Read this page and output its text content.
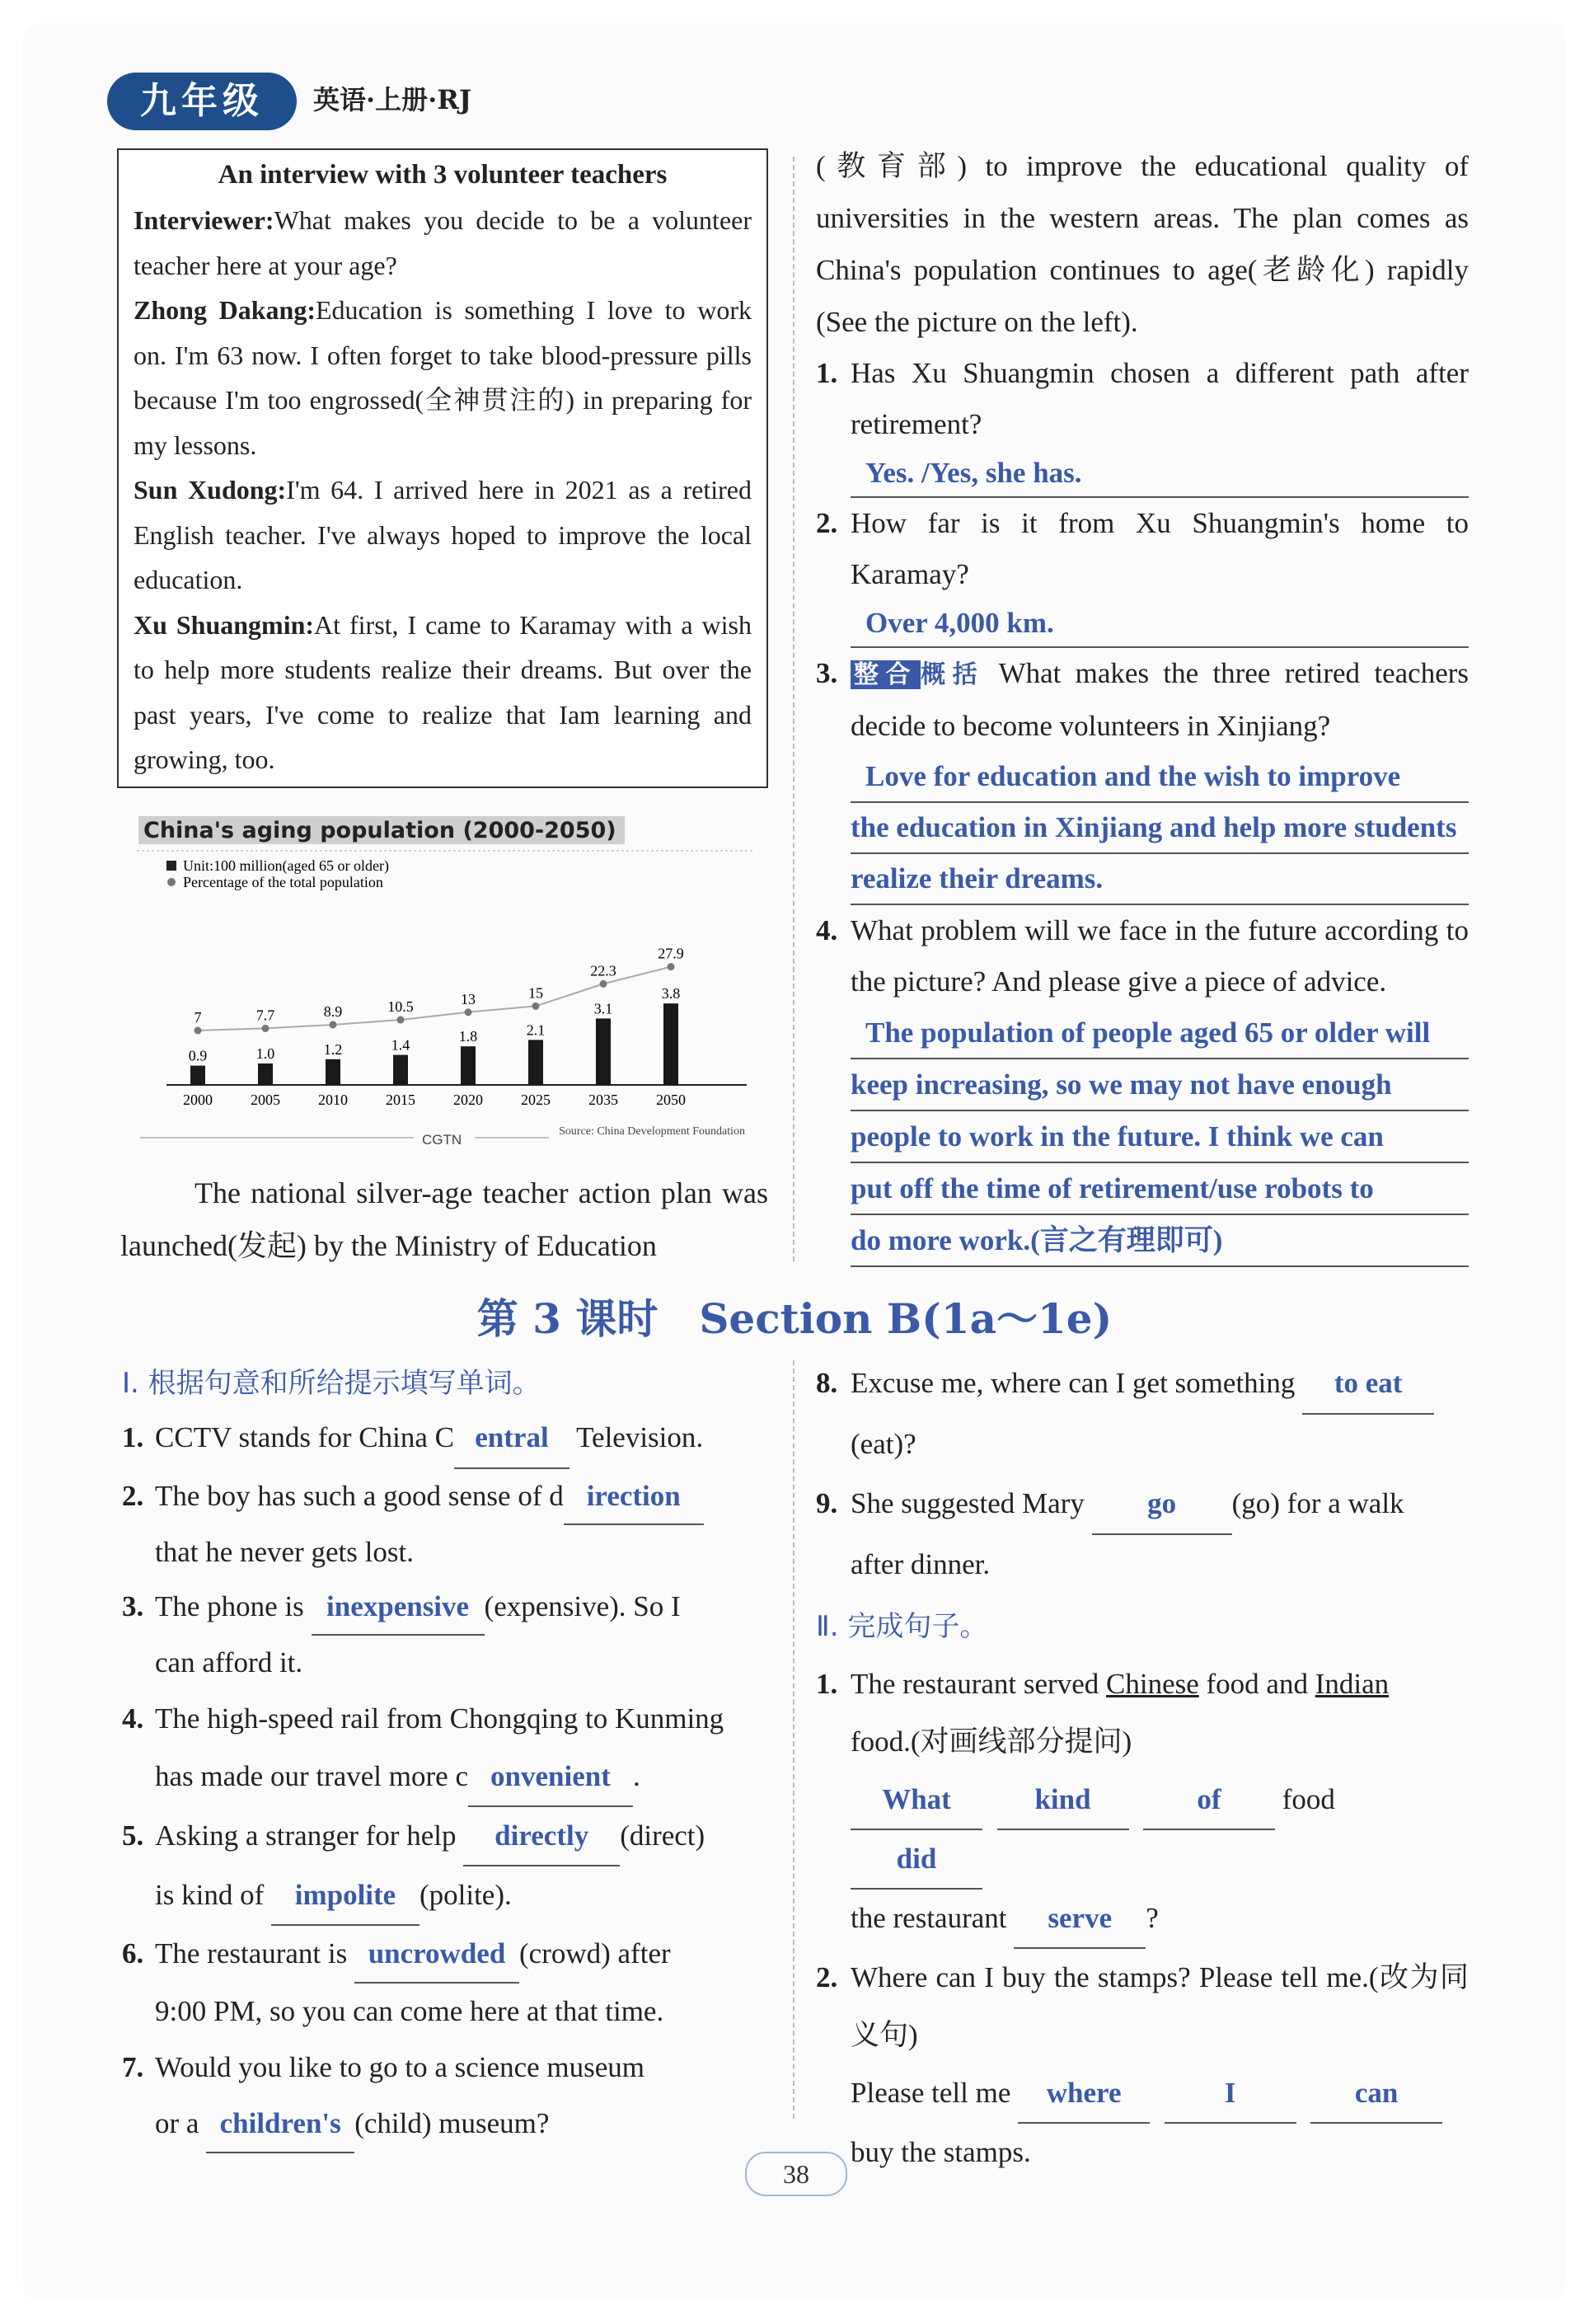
九年级	英语·上册·RJ
An interview with 3 volunteer teachers
Interviewer:What makes you decide to be a volunteer teacher here at your age?
Zhong Dakang:Education is something I love to work on. I'm 63 now. I often forget to take blood-pressure pills because I'm too engrossed(全神贯注的) in preparing for my lessons.
Sun Xudong:I'm 64. I arrived here in 2021 as a retired English teacher. I've always hoped to improve the local education.
Xu Shuangmin:At first, I came to Karamay with a wish to help more students realize their dreams. But over the past years, I've come to realize that Iam learning and growing, too.
China's aging population (2000-2050)
Unit:100 million(aged 65 or older)
Percentage of the total population
CGTN
Source: China Development Foundation
0.9
2000
1.0
2005
1.2
2010
1.4
2015
1.8
2020
2.1
2025
3.1
2035
3.8
2050
7	7.7	8.9	10.5	13	15
22.3
27.9
The national silver-age teacher action plan was launched(发起) by the Ministry of Education
(教育部) to improve the educational quality of universities in the western areas. The plan comes as China's population continues to age(老龄化) rapidly (See the picture on the left).
1. Has Xu Shuangmin chosen a different path after retirement?
Yes. /Yes, she has.
2. How far is it from Xu Shuangmin's home to Karamay?
Over 4,000 km.
3. 整合 概括 What makes the three retired teachers decide to become volunteers in Xinjiang?
Love for education and the wish to improve
the education in Xinjiang and help more students
realize their dreams.
4. What problem will we face in the future according to the picture? And please give a piece of advice.
The population of people aged 65 or older will
keep increasing, so we may not have enough
people to work in the future. I think we can
put off the time of retirement/use robots to
do more work.(言之有理即可)
第 3 课时　Section B(1a～1e)
Ⅰ. 根据句意和所给提示填写单词。
1. CCTV stands for China C entral Television.
2. The boy has such a good sense of d irection
that he never gets lost.
3. The phone is inexpensive (expensive). So I
can afford it.
4. The high-speed rail from Chongqing to Kunming
has made our travel more c onvenient .
5. Asking a stranger for help directly (direct)
is kind of impolite (polite).
6. The restaurant is uncrowded (crowd) after
9:00 PM, so you can come here at that time.
7. Would you like to go to a science museum
or a children's (child) museum?
8. Excuse me, where can I get something to eat
(eat)?
9. She suggested Mary go (go) for a walk
after dinner.
Ⅱ. 完成句子。
1. The restaurant served Chinese food and Indian
food.(对画线部分提问)
What	kind	of food did
the restaurant serve ?
2. Where can I buy the stamps? Please tell me.(改为同义句)
Please tell me where	I	can
buy the stamps.
38
